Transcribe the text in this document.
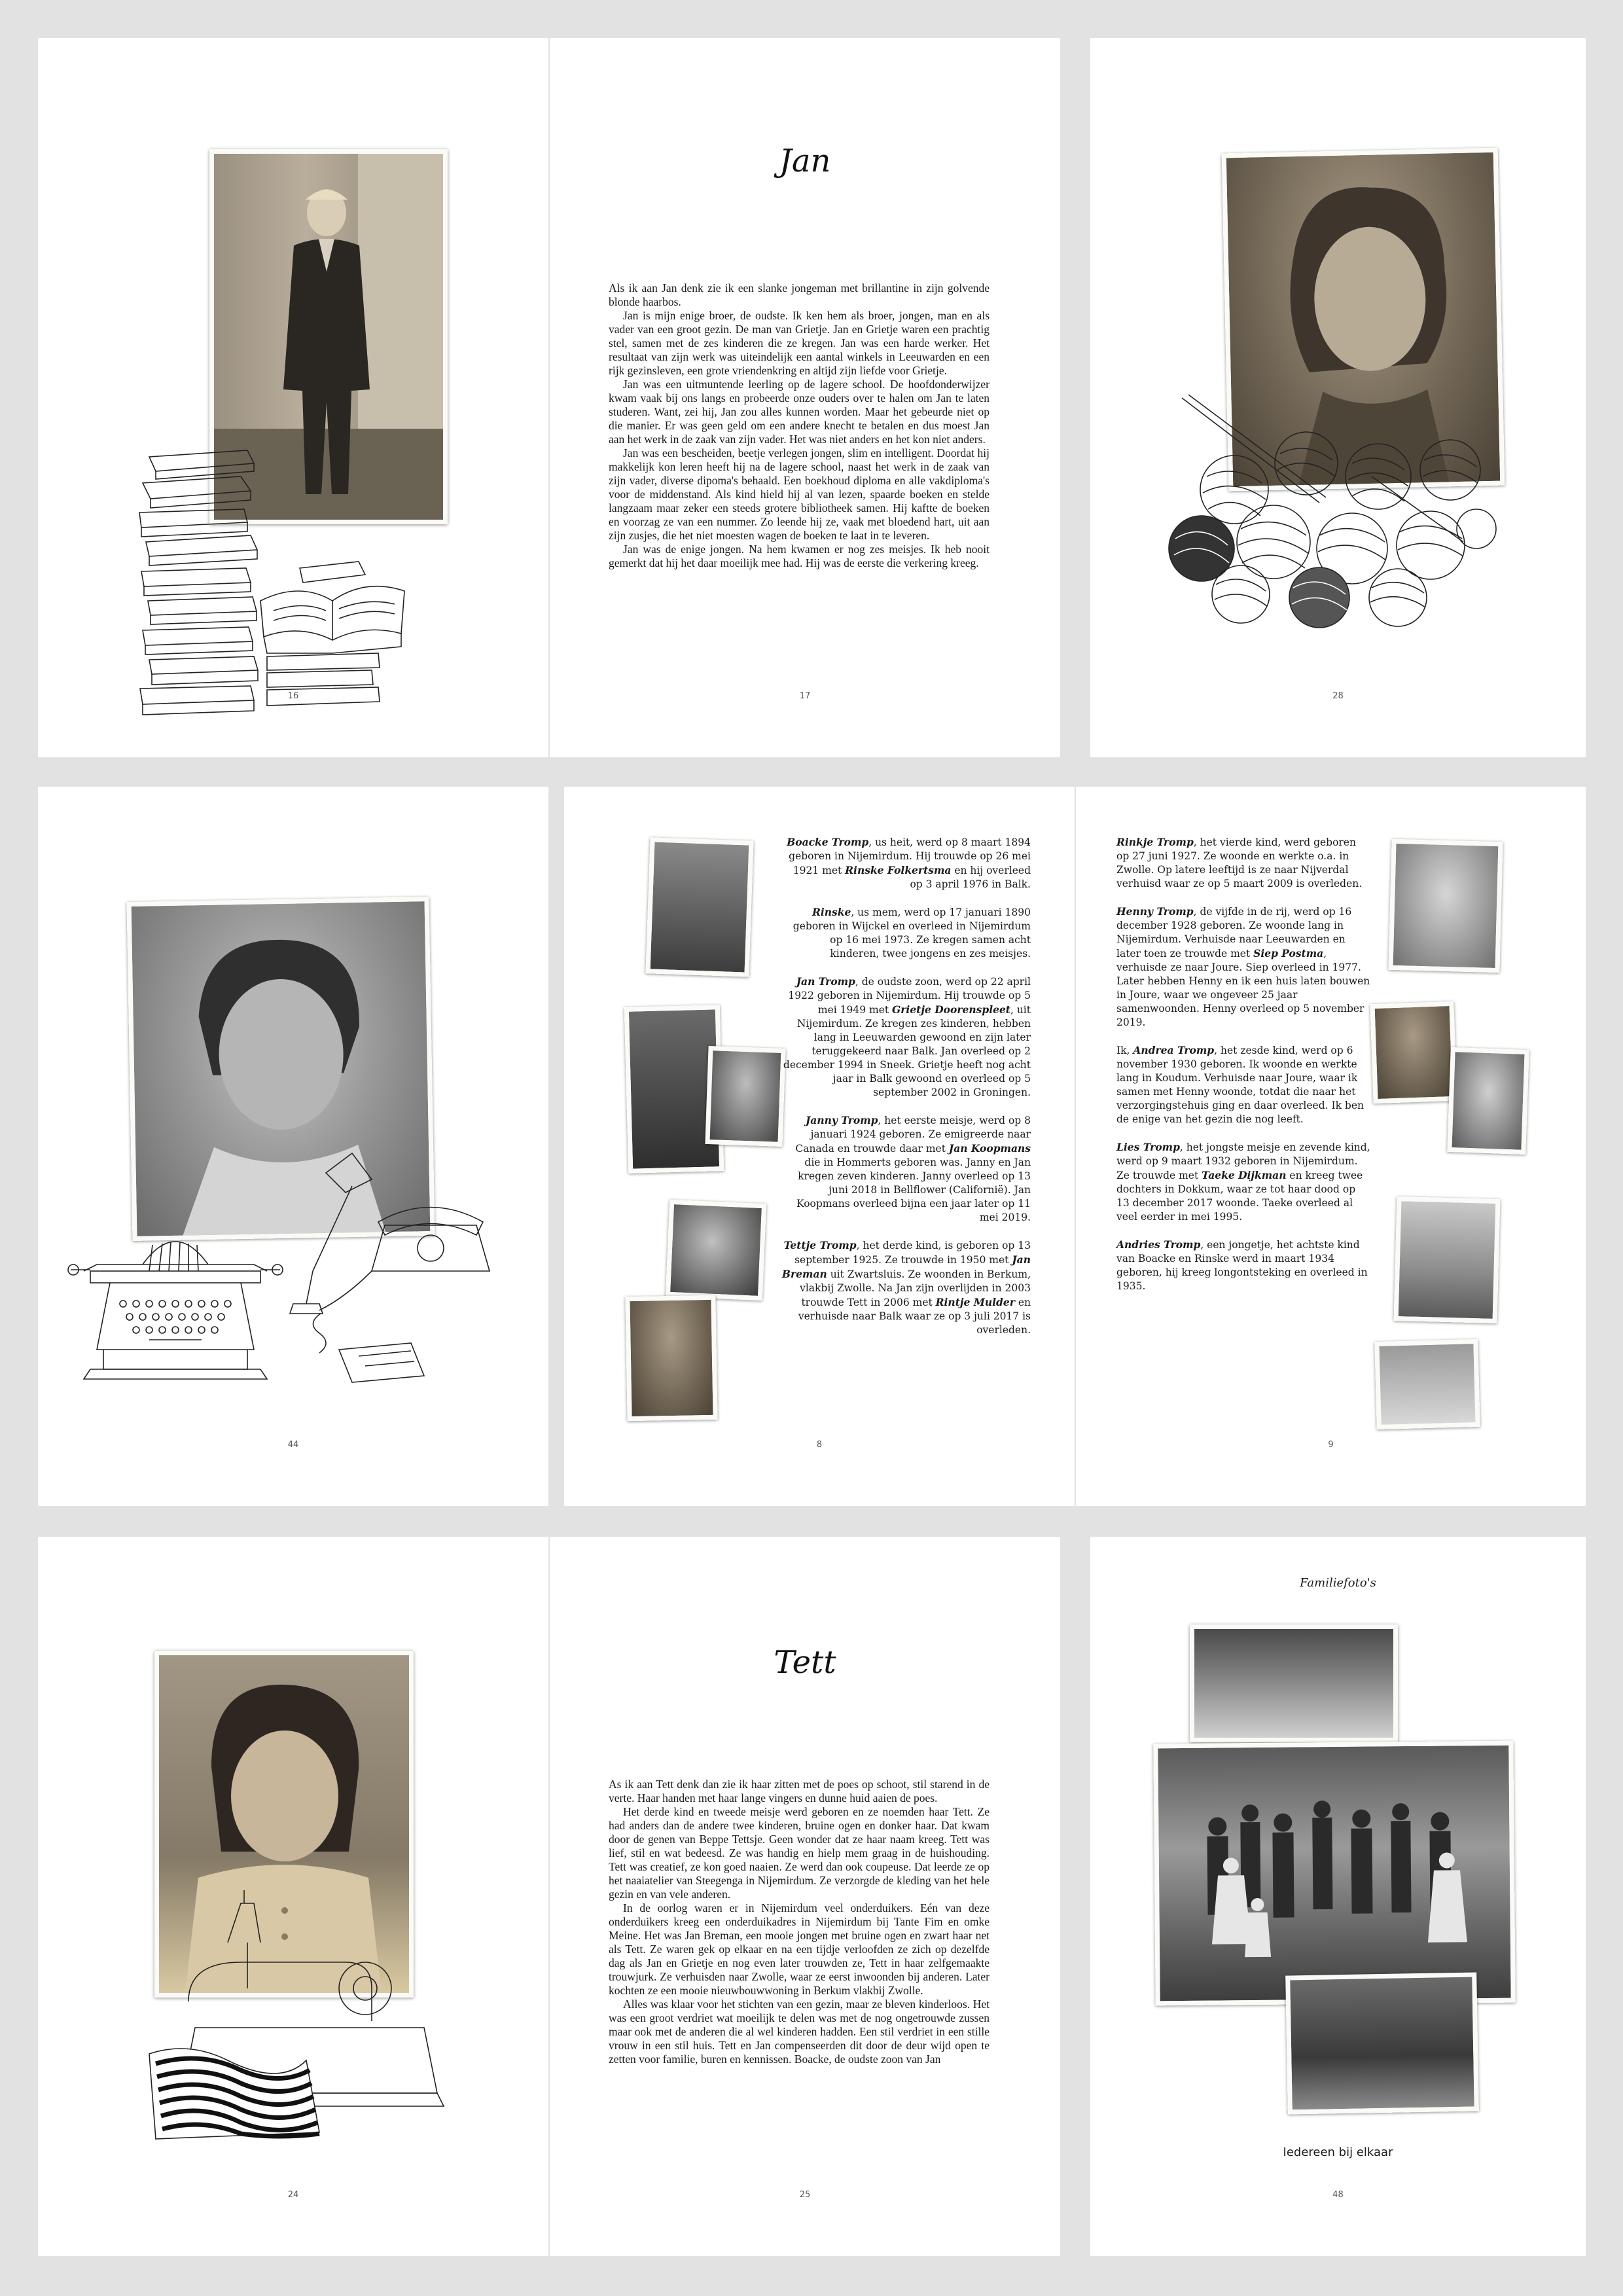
16
Jan

Als ik aan Jan denk zie ik een slanke jongeman met brillantine in zijn golvende blonde haarbos.

Jan is mijn enige broer, de oudste. Ik ken hem als broer, jongen, man en als vader van een groot gezin. De man van Grietje. Jan en Grietje waren een prachtig stel, samen met de zes kinderen die ze kregen. Jan was een harde werker. Het resultaat van zijn werk was uiteindelijk een aantal winkels in Leeuwarden en een rijk gezinsleven, een grote vriendenkring en altijd zijn liefde voor Grietje.

Jan was een uitmuntende leerling op de lagere school. De hoofdonderwijzer kwam vaak bij ons langs en probeerde onze ouders over te halen om Jan te laten studeren. Want, zei hij, Jan zou alles kunnen worden. Maar het gebeurde niet op die manier. Er was geen geld om een andere knecht te betalen en dus moest Jan aan het werk in de zaak van zijn vader. Het was niet anders en het kon niet anders.

Jan was een bescheiden, beetje verlegen jongen, slim en intelligent. Doordat hij makkelijk kon leren heeft hij na de lagere school, naast het werk in de zaak van zijn vader, diverse dipoma's behaald. Een boekhoud diploma en alle vakdiploma's voor de middenstand. Als kind hield hij al van lezen, spaarde boeken en stelde langzaam maar zeker een steeds grotere bibliotheek samen. Hij kaftte de boeken en voorzag ze van een nummer. Zo leende hij ze, vaak met bloedend hart, uit aan zijn zusjes, die het niet moesten wagen de boeken te laat in te leveren.

Jan was de enige jongen. Na hem kwamen er nog zes meisjes. Ik heb nooit gemerkt dat hij het daar moeilijk mee had. Hij was de eerste die verkering kreeg.

17	28
44

Boacke Tromp, us heit, werd op 8 maart 1894 geboren in Nijemirdum. Hij trouwde op 26 mei 1921 met Rinske Folkertsma en hij overleed op 3 april 1976 in Balk.

Rinske, us mem, werd op 17 januari 1890 geboren in Wijckel en overleed in Nijemirdum op 16 mei 1973. Ze kregen samen acht kinderen, twee jongens en zes meisjes.

Jan Tromp, de oudste zoon, werd op 22 april 1922 geboren in Nijemirdum. Hij trouwde op 5 mei 1949 met Grietje Doorenspleet, uit Nijemirdum. Ze kregen zes kinderen, hebben lang in Leeuwarden gewoond en zijn later teruggekeerd naar Balk. Jan overleed op 2 december 1994 in Sneek. Grietje heeft nog acht jaar in Balk gewoond en overleed op 5 september 2002 in Groningen.

Janny Tromp, het eerste meisje, werd op 8 januari 1924 geboren. Ze emigreerde naar Canada en trouwde daar met Jan Koopmans die in Hommerts geboren was. Janny en Jan kregen zeven kinderen. Janny overleed op 13 juni 2018 in Bellflower (Californië). Jan Koopmans overleed bijna een jaar later op 11 mei 2019.

Tettje Tromp, het derde kind, is geboren op 13 september 1925. Ze trouwde in 1950 met Jan Breman uit Zwartsluis. Ze woonden in Berkum, vlakbij Zwolle. Na Jan zijn overlijden in 2003 trouwde Tett in 2006 met Rintje Mulder en verhuisde naar Balk waar ze op 3 juli 2017 is overleden.

8

Rinkje Tromp, het vierde kind, werd geboren op 27 juni 1927. Ze woonde en werkte o.a. in Zwolle. Op latere leeftijd is ze naar Nijverdal verhuisd waar ze op 5 maart 2009 is overleden.

Henny Tromp, de vijfde in de rij, werd op 16 december 1928 geboren. Ze woonde lang in Nijemirdum. Verhuisde naar Leeuwarden en later toen ze trouwde met Siep Postma, verhuisde ze naar Joure. Siep overleed in 1977. Later hebben Henny en ik een huis laten bouwen in Joure, waar we ongeveer 25 jaar samenwoonden. Henny overleed op 5 november 2019.

Ik, Andrea Tromp, het zesde kind, werd op 6 november 1930 geboren. Ik woonde en werkte lang in Koudum. Verhuisde naar Joure, waar ik samen met Henny woonde, totdat die naar het verzorgingstehuis ging en daar overleed. Ik ben de enige van het gezin die nog leeft.

Lies Tromp, het jongste meisje en zevende kind, werd op 9 maart 1932 geboren in Nijemirdum. Ze trouwde met Taeke Dijkman en kreeg twee dochters in Dokkum, waar ze tot haar dood op 13 december 2017 woonde. Taeke overleed al veel eerder in mei 1995.

Andries Tromp, een jongetje, het achtste kind van Boacke en Rinske werd in maart 1934 geboren, hij kreeg longontsteking en overleed in 1935.

9
24
Tett

As ik aan Tett denk dan zie ik haar zitten met de poes op schoot, stil starend in de verte. Haar handen met haar lange vingers en dunne huid aaien de poes.

Het derde kind en tweede meisje werd geboren en ze noemden haar Tett. Ze had anders dan de andere twee kinderen, bruine ogen en donker haar. Dat kwam door de genen van Beppe Tettsje. Geen wonder dat ze haar naam kreeg. Tett was lief, stil en wat bedeesd. Ze was handig en hielp mem graag in de huishouding. Tett was creatief, ze kon goed naaien. Ze werd dan ook coupeuse. Dat leerde ze op het naaiatelier van Steegenga in Nijemirdum. Ze verzorgde de kleding van het hele gezin en van vele anderen.

In de oorlog waren er in Nijemirdum veel onderduikers. Eén van deze onderduikers kreeg een onderduikadres in Nijemirdum bij Tante Fim en omke Meine. Het was Jan Breman, een mooie jongen met bruine ogen en zwart haar net als Tett. Ze waren gek op elkaar en na een tijdje verloofden ze zich op dezelfde dag als Jan en Grietje en nog even later trouwden ze, Tett in haar zelfgemaakte trouwjurk. Ze verhuisden naar Zwolle, waar ze eerst inwoonden bij anderen. Later kochten ze een mooie nieuwbouwwoning in Berkum vlakbij Zwolle.

Alles was klaar voor het stichten van een gezin, maar ze bleven kinderloos. Het was een groot verdriet wat moeilijk te delen was met de nog ongetrouwde zussen maar ook met de anderen die al wel kinderen hadden. Een stil verdriet in een stille vrouw in een stil huis. Tett en Jan compenseerden dit door de deur wijd open te zetten voor familie, buren en kennissen. Boacke, de oudste zoon van Jan

25
Familiefoto's
Iedereen bij elkaar
48
